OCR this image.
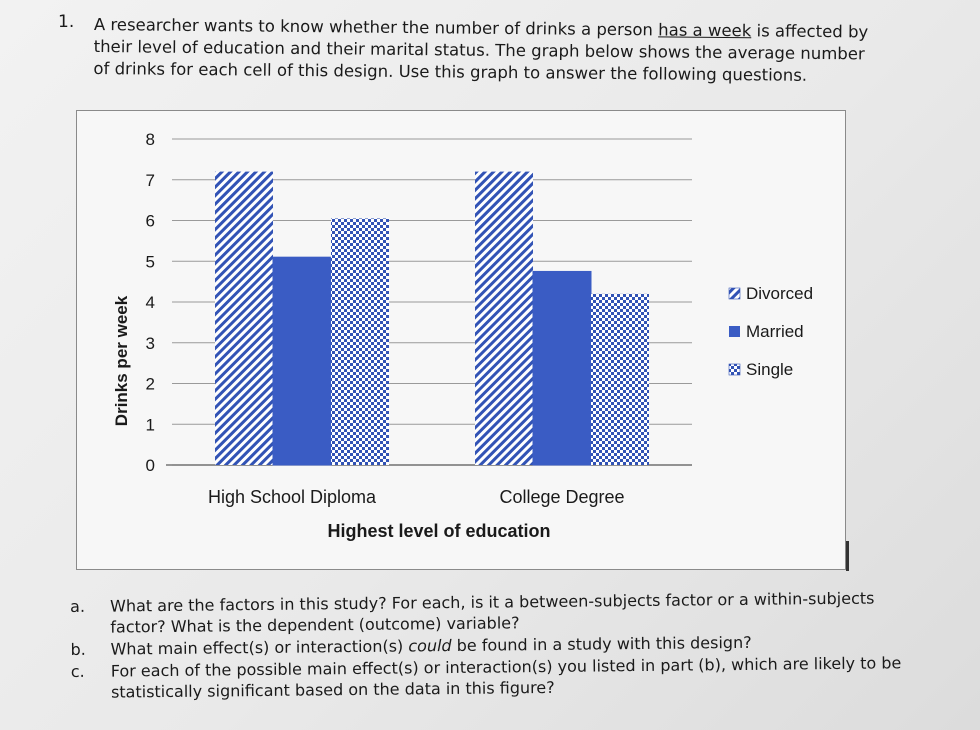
1. A researcher wants to know whether the number of drinks a person has a week is affected by their level of education and their marital status. The graph below shows the average number of drinks for each cell of this design. Use this graph to answer the following questions.
0
1
2
3
4
5
6
7
8
High School Diploma	College Degree
Divorced
Married
Single
Drinks per week
Highest level of education
a.	What are the factors in this study? For each, is it a between-subjects factor or a within-subjects factor? What is the dependent (outcome) variable?
b.	What main effect(s) or interaction(s) could be found in a study with this design?
c.	For each of the possible main effect(s) or interaction(s) you listed in part (b), which are likely to be statistically significant based on the data in this figure?
